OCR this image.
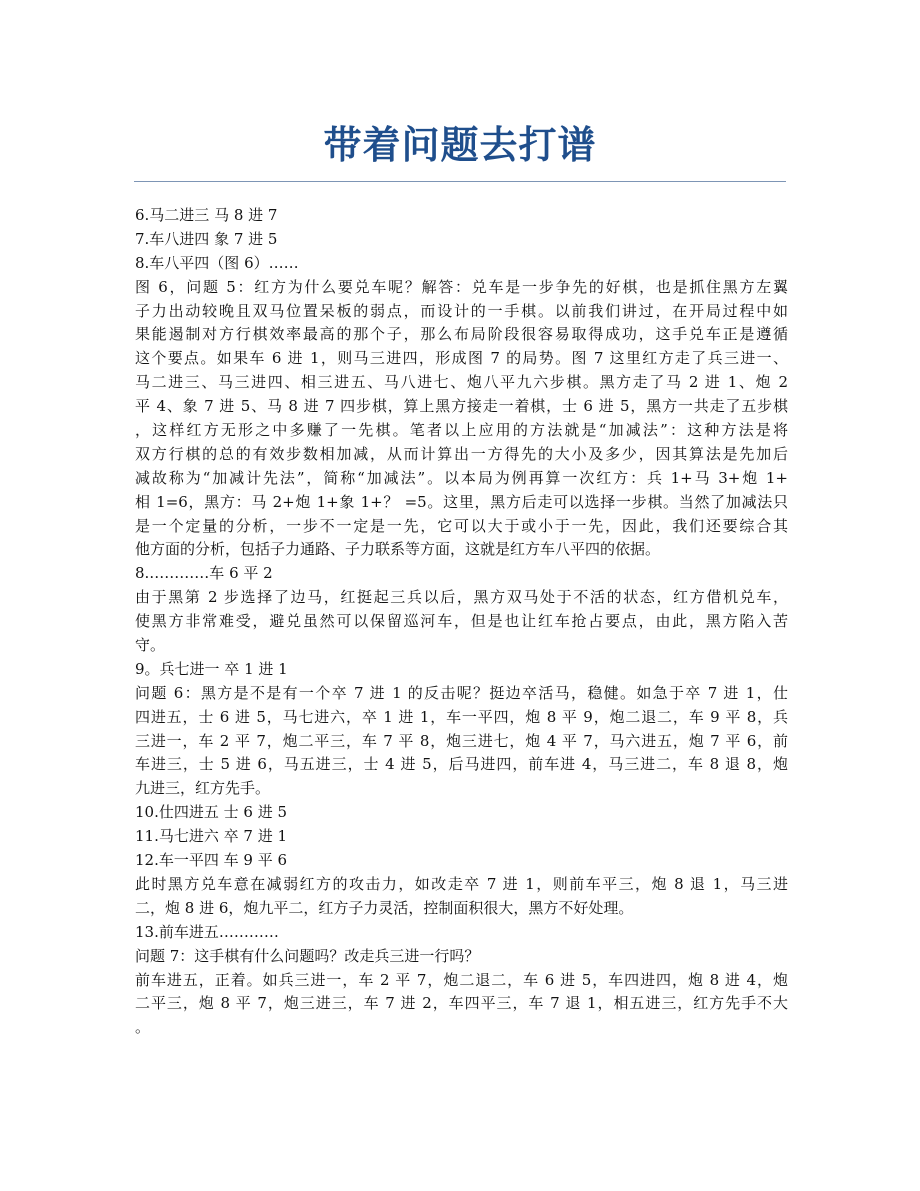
带着问题去打谱
6.马二进三 马 8 进 7
7.车八进四 象 7 进 5
8.车八平四（图 6）……
图 6，问题 5：红方为什么要兑车呢？解答：兑车是一步争先的好棋，也是抓住黑方左翼
子力出动较晚且双马位置呆板的弱点，而设计的一手棋。以前我们讲过，在开局过程中如
果能遏制对方行棋效率最高的那个子，那么布局阶段很容易取得成功，这手兑车正是遵循
这个要点。如果车 6 进 1，则马三进四，形成图 7 的局势。图 7 这里红方走了兵三进一、
马二进三、马三进四、相三进五、马八进七、炮八平九六步棋。黑方走了马 2 进 1、炮 2
平 4、象 7 进 5、马 8 进 7 四步棋，算上黑方接走一着棋，士 6 进 5，黑方一共走了五步棋
，这样红方无形之中多赚了一先棋。笔者以上应用的方法就是“加减法”：这种方法是将
双方行棋的总的有效步数相加减，从而计算出一方得先的大小及多少，因其算法是先加后
减故称为“加减计先法”，简称“加减法”。以本局为例再算一次红方：兵 1+马 3+炮 1+
相 1=6，黑方：马 2+炮 1+象 1+？ =5。这里，黑方后走可以选择一步棋。当然了加减法只
是一个定量的分析，一步不一定是一先，它可以大于或小于一先，因此，我们还要综合其
他方面的分析，包括子力通路、子力联系等方面，这就是红方车八平四的依据。
8.…………车 6 平 2
由于黑第 2 步选择了边马，红挺起三兵以后，黑方双马处于不活的状态，红方借机兑车，
使黑方非常难受，避兑虽然可以保留巡河车，但是也让红车抢占要点，由此，黑方陷入苦
守。
9。兵七进一 卒 1 进 1
问题 6：黑方是不是有一个卒 7 进 1 的反击呢？挺边卒活马，稳健。如急于卒 7 进 1，仕
四进五，士 6 进 5，马七进六，卒 1 进 1，车一平四，炮 8 平 9，炮二退二，车 9 平 8，兵
三进一，车 2 平 7，炮二平三，车 7 平 8，炮三进七，炮 4 平 7，马六进五，炮 7 平 6，前
车进三，士 5 进 6，马五进三，士 4 进 5，后马进四，前车进 4，马三进二，车 8 退 8，炮
九进三，红方先手。
10.仕四进五 士 6 进 5
11.马七进六 卒 7 进 1
12.车一平四 车 9 平 6
此时黑方兑车意在减弱红方的攻击力，如改走卒 7 进 1，则前车平三，炮 8 退 1，马三进
二，炮 8 进 6，炮九平二，红方子力灵活，控制面积很大，黑方不好处理。
13.前车进五…………
问题 7：这手棋有什么问题吗？改走兵三进一行吗？
前车进五，正着。如兵三进一，车 2 平 7，炮二退二，车 6 进 5，车四进四，炮 8 进 4，炮
二平三，炮 8 平 7，炮三进三，车 7 进 2，车四平三，车 7 退 1，相五进三，红方先手不大
。
